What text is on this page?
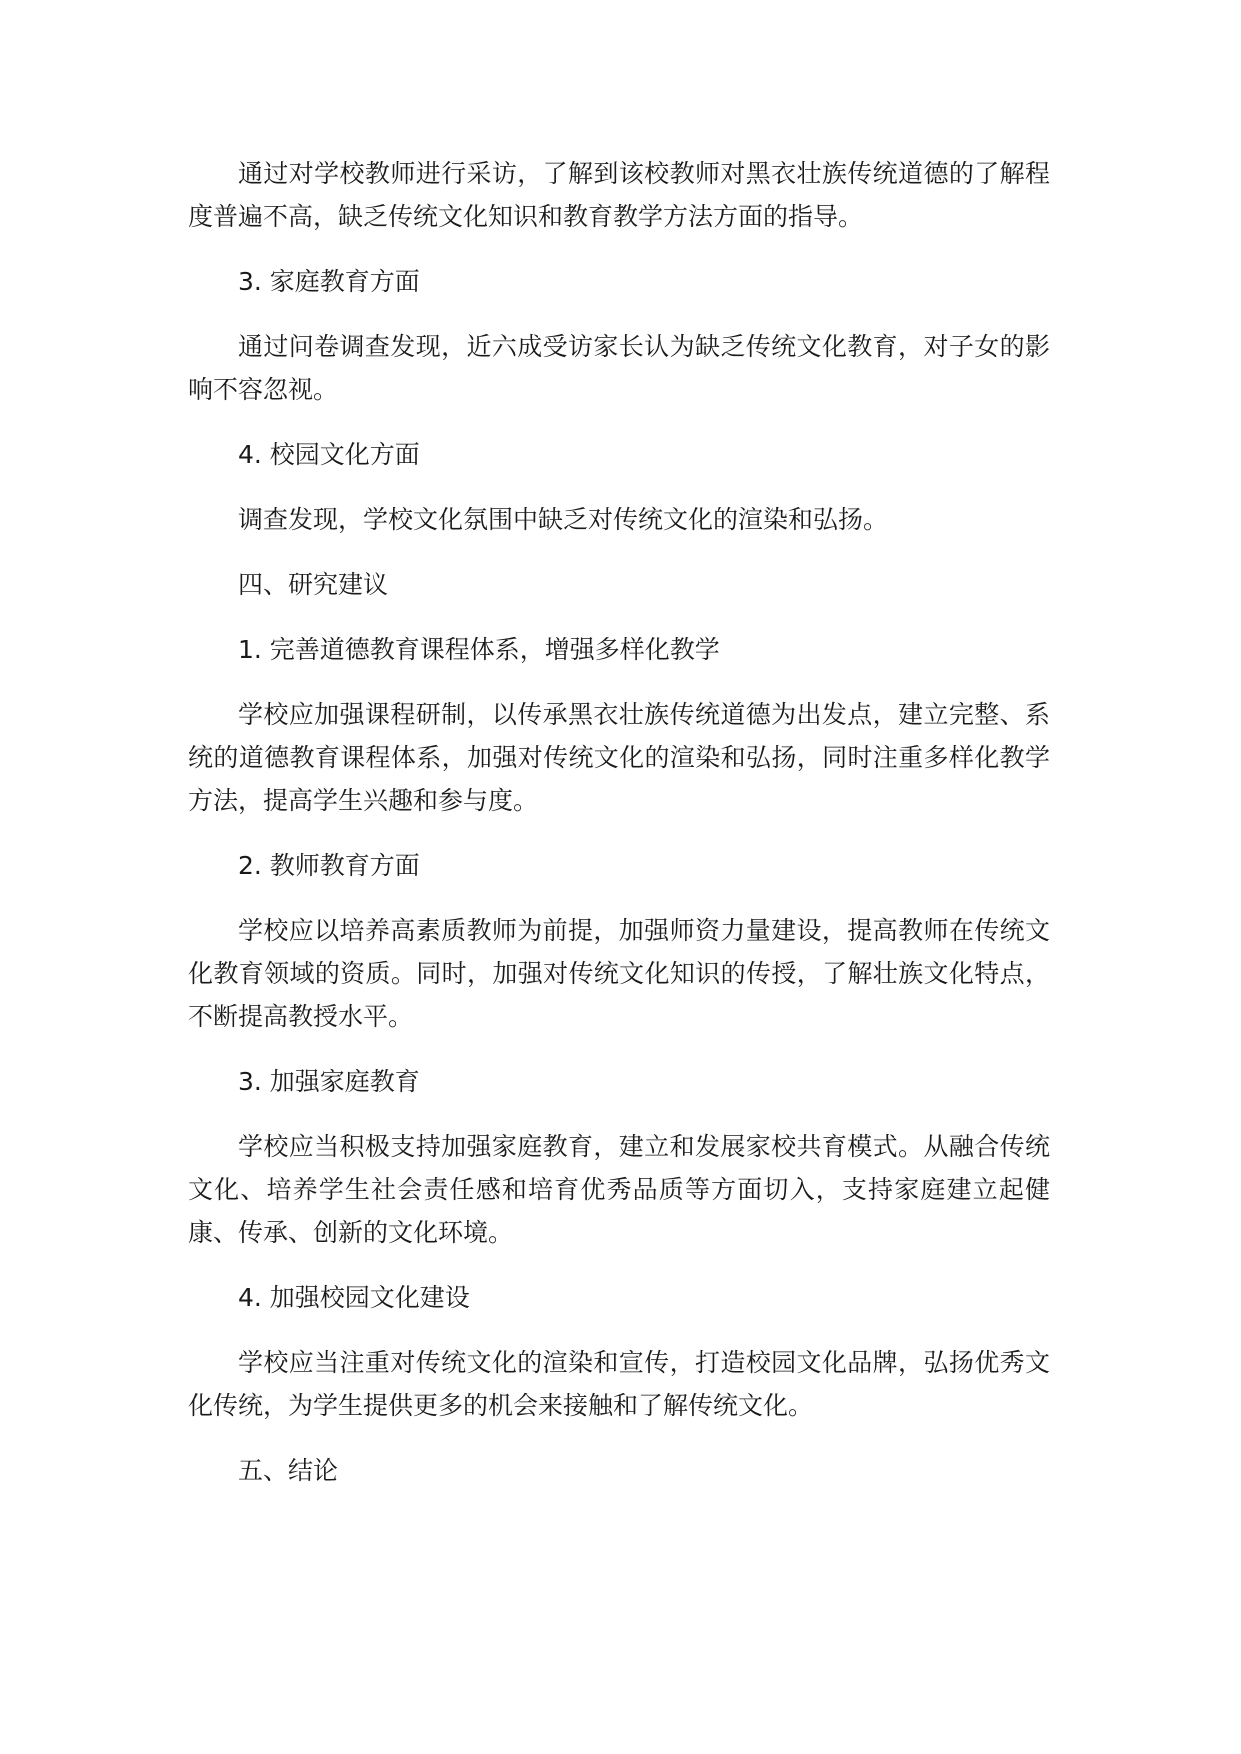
通过对学校教师进行采访，了解到该校教师对黑衣壮族传统道德的了解程度普遍不高，缺乏传统文化知识和教育教学方法方面的指导。

3. 家庭教育方面

通过问卷调查发现，近六成受访家长认为缺乏传统文化教育，对子女的影响不容忽视。

4. 校园文化方面

调查发现，学校文化氛围中缺乏对传统文化的渲染和弘扬。

四、研究建议

1. 完善道德教育课程体系，增强多样化教学

学校应加强课程研制，以传承黑衣壮族传统道德为出发点，建立完整、系统的道德教育课程体系，加强对传统文化的渲染和弘扬，同时注重多样化教学方法，提高学生兴趣和参与度。

2. 教师教育方面

学校应以培养高素质教师为前提，加强师资力量建设，提高教师在传统文化教育领域的资质。同时，加强对传统文化知识的传授，了解壮族文化特点，不断提高教授水平。

3. 加强家庭教育

学校应当积极支持加强家庭教育，建立和发展家校共育模式。从融合传统文化、培养学生社会责任感和培育优秀品质等方面切入，支持家庭建立起健康、传承、创新的文化环境。

4. 加强校园文化建设

学校应当注重对传统文化的渲染和宣传，打造校园文化品牌，弘扬优秀文化传统，为学生提供更多的机会来接触和了解传统文化。

五、结论
